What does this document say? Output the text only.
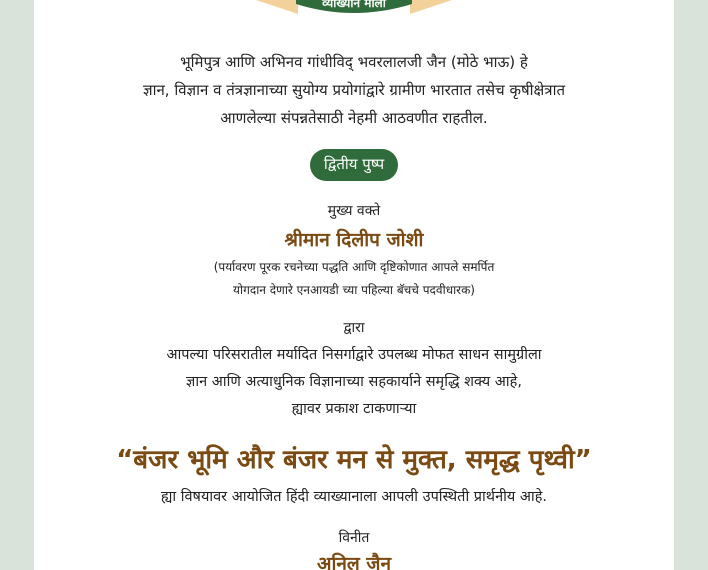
व्याख्यान माला
भूमिपुत्र आणि अभिनव गांधीविद् भवरलालजी जैन (मोठे भाऊ) हे
ज्ञान, विज्ञान व तंत्रज्ञानाच्या सुयोग्य प्रयोगांद्वारे ग्रामीण भारतात तसेच कृषीक्षेत्रात
आणलेल्या संपन्नतेसाठी नेहमी आठवणीत राहतील.
द्वितीय पुष्प
मुख्य वक्ते
श्रीमान दिलीप जोशी
(पर्यावरण पूरक रचनेच्या पद्धति आणि दृष्टिकोणात आपले समर्पित
योगदान देणारे एनआयडी च्या पहिल्या बॅचचे पदवीधारक)
द्वारा
आपल्या परिसरातील मर्यादित निसर्गाद्वारे उपलब्ध मोफत साधन सामुग्रीला
ज्ञान आणि अत्याधुनिक विज्ञानाच्या सहकार्याने समृद्धि शक्य आहे,
ह्यावर प्रकाश टाकणाऱ्या
“बंजर भूमि और बंजर मन से मुक्त, समृद्ध पृथ्वी”
ह्या विषयावर आयोजित हिंदी व्याख्यानाला आपली उपस्थिती प्रार्थनीय आहे.
विनीत
अनिल जैन
